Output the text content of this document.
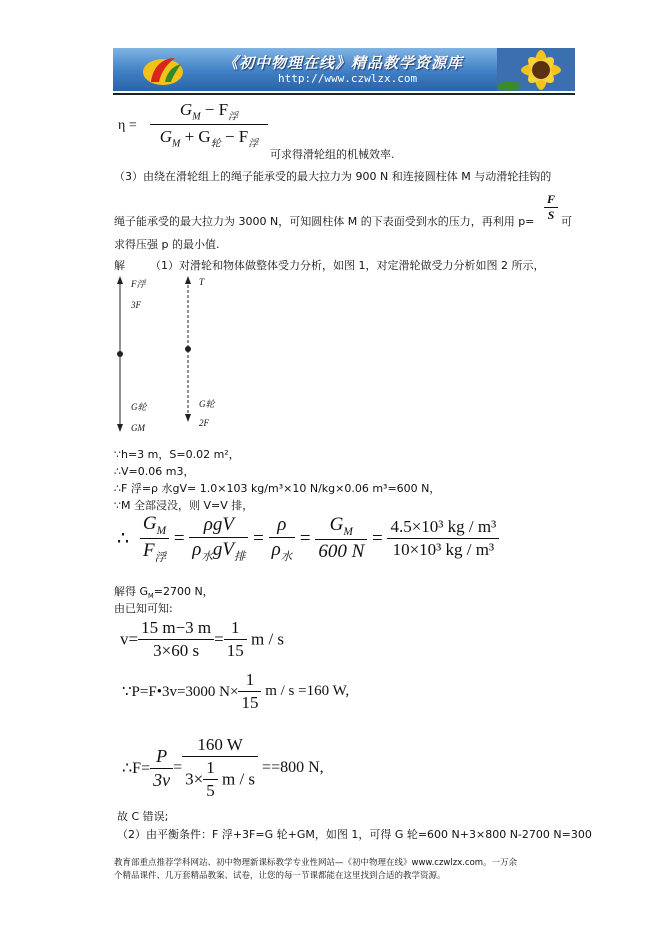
《初中物理在线》精品教学资源库
http://www.czwlzx.com
η =
$G_M - F_浮$
$G_M + G_轮 - F_浮$
可求得滑轮组的机械效率.
（3）由绕在滑轮组上的绳子能承受的最大拉力为 900 N 和连接圆柱体 M 与动滑轮挂钩的
绳子能承受的最大拉力为 3000 N，可知圆柱体 M 的下表面受到水的压力，再利用 $p= \frac{F}{S}$ 可
求得压强 p 的最小值.
解 （1）对滑轮和物体做整体受力分析，如图 1，对定滑轮做受力分析如图 2 所示，
F浮
3F
G轮
GM
T
G轮
2F
∵h=3 m，S=0.02 m²，
∴V=0.06 m3，
∴F 浮=ρ 水gV= 1.0×103 kg/m³×10 N/kg×0.06 m³=600 N，
∵M 全部浸没，则 V=V 排，
∴ $\frac{G_M}{F_浮} = \frac{\text{ρgV}}{\rho_水gV_排} = \frac{\rho}{\rho_水} = \frac{G_M}{600 N} = \frac{\text{4.5×10³ kg / m³}}{\text{10×10³ kg / m³}}$
解得 $G_M=2700$ N，
由已知可知:
$v= \frac{15 m-3 m}{3\times 60 s} = \frac{1}{15}$ m / s
∵P=F•3v=3000 $N\times \frac{1}{15}$ m / s =160 W,
∴F= $\frac{P}{3v} = \frac{160 W}{3\times \frac{1}{5} m / s} ==800$ N,
故 C 错误;
（2）由平衡条件：F 浮+3F=G 轮+GM，如图 1，可得 G 轮=600 N+3×800 N-2700 N=300
教育部重点推荐学科网站、初中物理新课标教学专业性网站—《初中物理在线》www.czwlzx.com。一万余
个精品课件、几万套精品教案、试卷，让您的每一节课都能在这里找到合适的教学资源。
